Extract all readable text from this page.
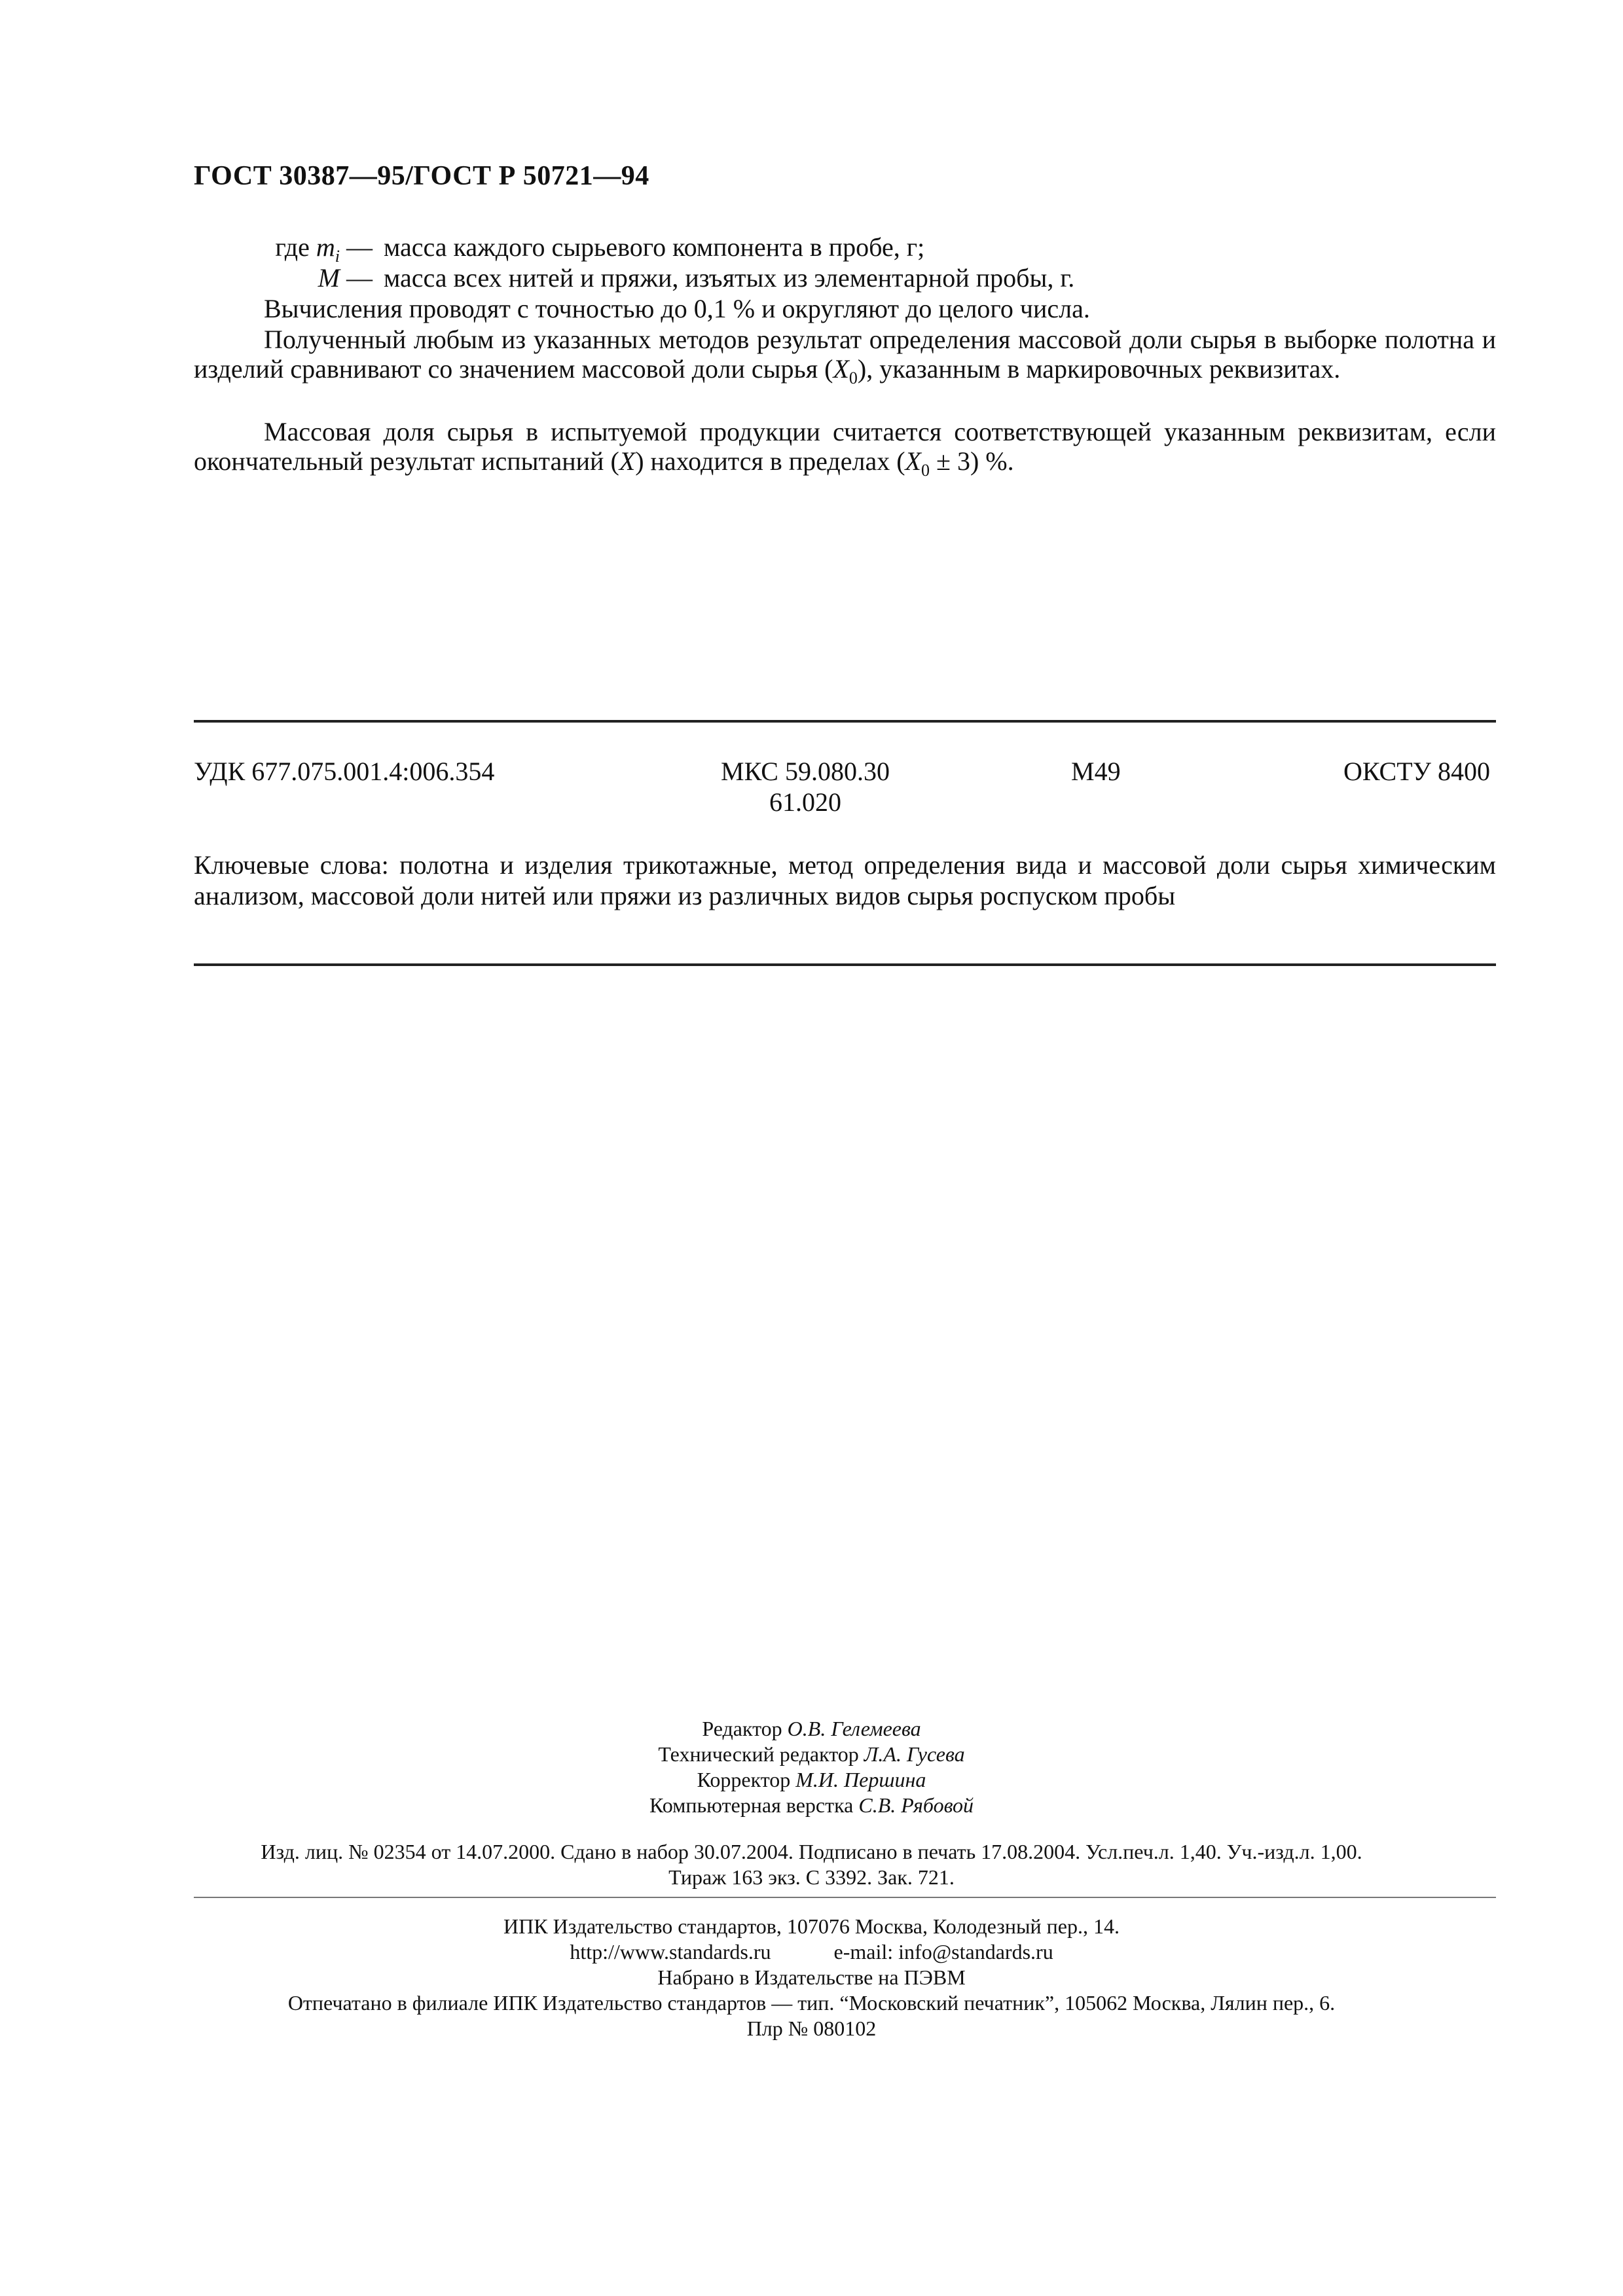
ГОСТ 30387—95/ГОСТ Р 50721—94
где $m_i$ — масса каждого сырьевого компонента в пробе, г;
M — масса всех нитей и пряжи, изъятых из элементарной пробы, г.
Вычисления проводят с точностью до 0,1 % и округляют до целого числа.
Полученный любым из указанных методов результат определения массовой доли сырья в выборке полотна и изделий сравнивают со значением массовой доли сырья $(X_0)$, указанным в маркировочных реквизитах.
Массовая доля сырья в испытуемой продукции считается соответствующей указанным реквизитам, если окончательный результат испытаний (X) находится в пределах $(X_0 \pm 3)$ %.
УДК 677.075.001.4:006.354	МКС 59.080.30
61.020
М49	ОКСТУ 8400
Ключевые слова: полотна и изделия трикотажные, метод определения вида и массовой доли сырья химическим анализом, массовой доли нитей или пряжи из различных видов сырья роспуском пробы
Редактор О.В. Гелемеева
Технический редактор Л.А. Гусева
Корректор М.И. Першина
Компьютерная верстка С.В. Рябовой
Изд. лиц. № 02354 от 14.07.2000. Сдано в набор 30.07.2004. Подписано в печать 17.08.2004. Усл.печ.л. 1,40. Уч.-изд.л. 1,00.
Тираж 163 экз. С 3392. Зак. 721.
ИПК Издательство стандартов, 107076 Москва, Колодезный пер., 14.
http://www.standards.ru            e-mail: info@standards.ru
Набрано в Издательстве на ПЭВМ
Отпечатано в филиале ИПК Издательство стандартов — тип. “Московский печатник”, 105062 Москва, Лялин пер., 6.
Плр № 080102
